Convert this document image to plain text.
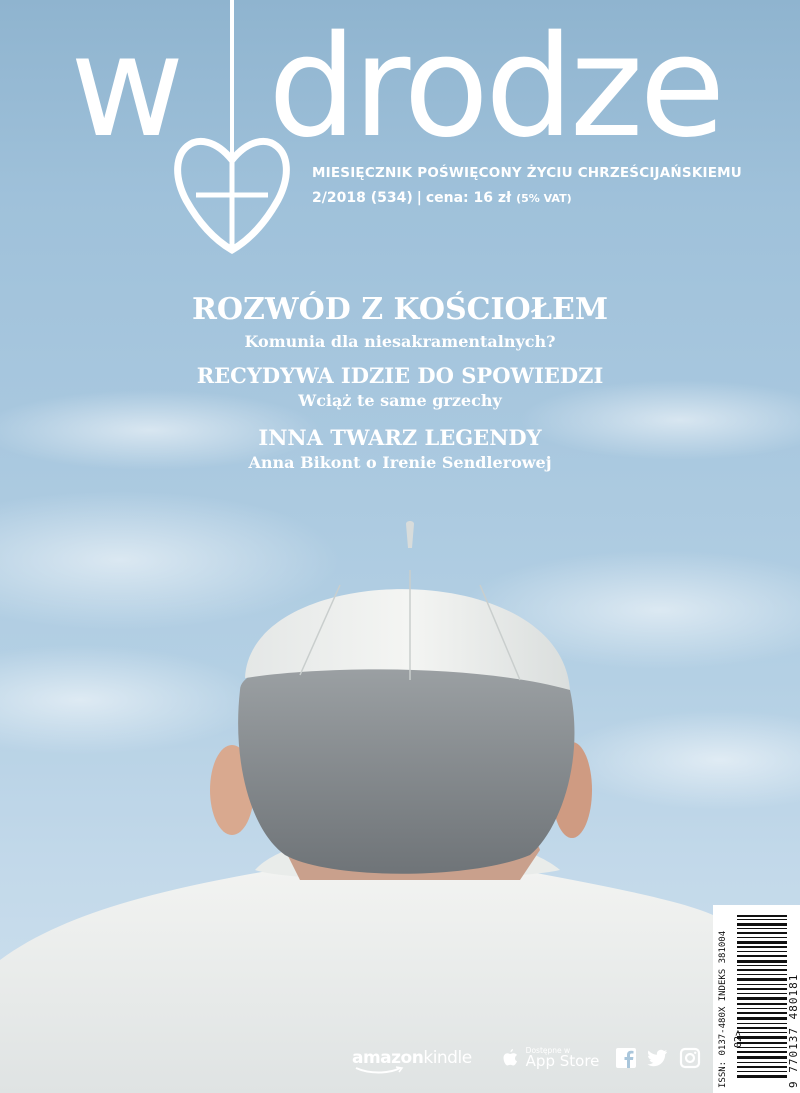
w drodze
MIESIĘCZNIK POŚWIĘCONY ŻYCIU CHRZEŚCIJAŃSKIEMU
2/2018 (534) | cena: 16 zł (5% VAT)
ROZWÓD Z KOŚCIOŁEM
Komunia dla niesakramentalnych?
RECYDYWA IDZIE DO SPOWIEDZI
Wciąż te same grzechy
INNA TWARZ LEGENDY
Anna Bikont o Irenie Sendlerowej
ISSN: 0137-480X INDEKS 381004	9 770137 480181
02>
amazonkindle	Dostępne w
App Store
